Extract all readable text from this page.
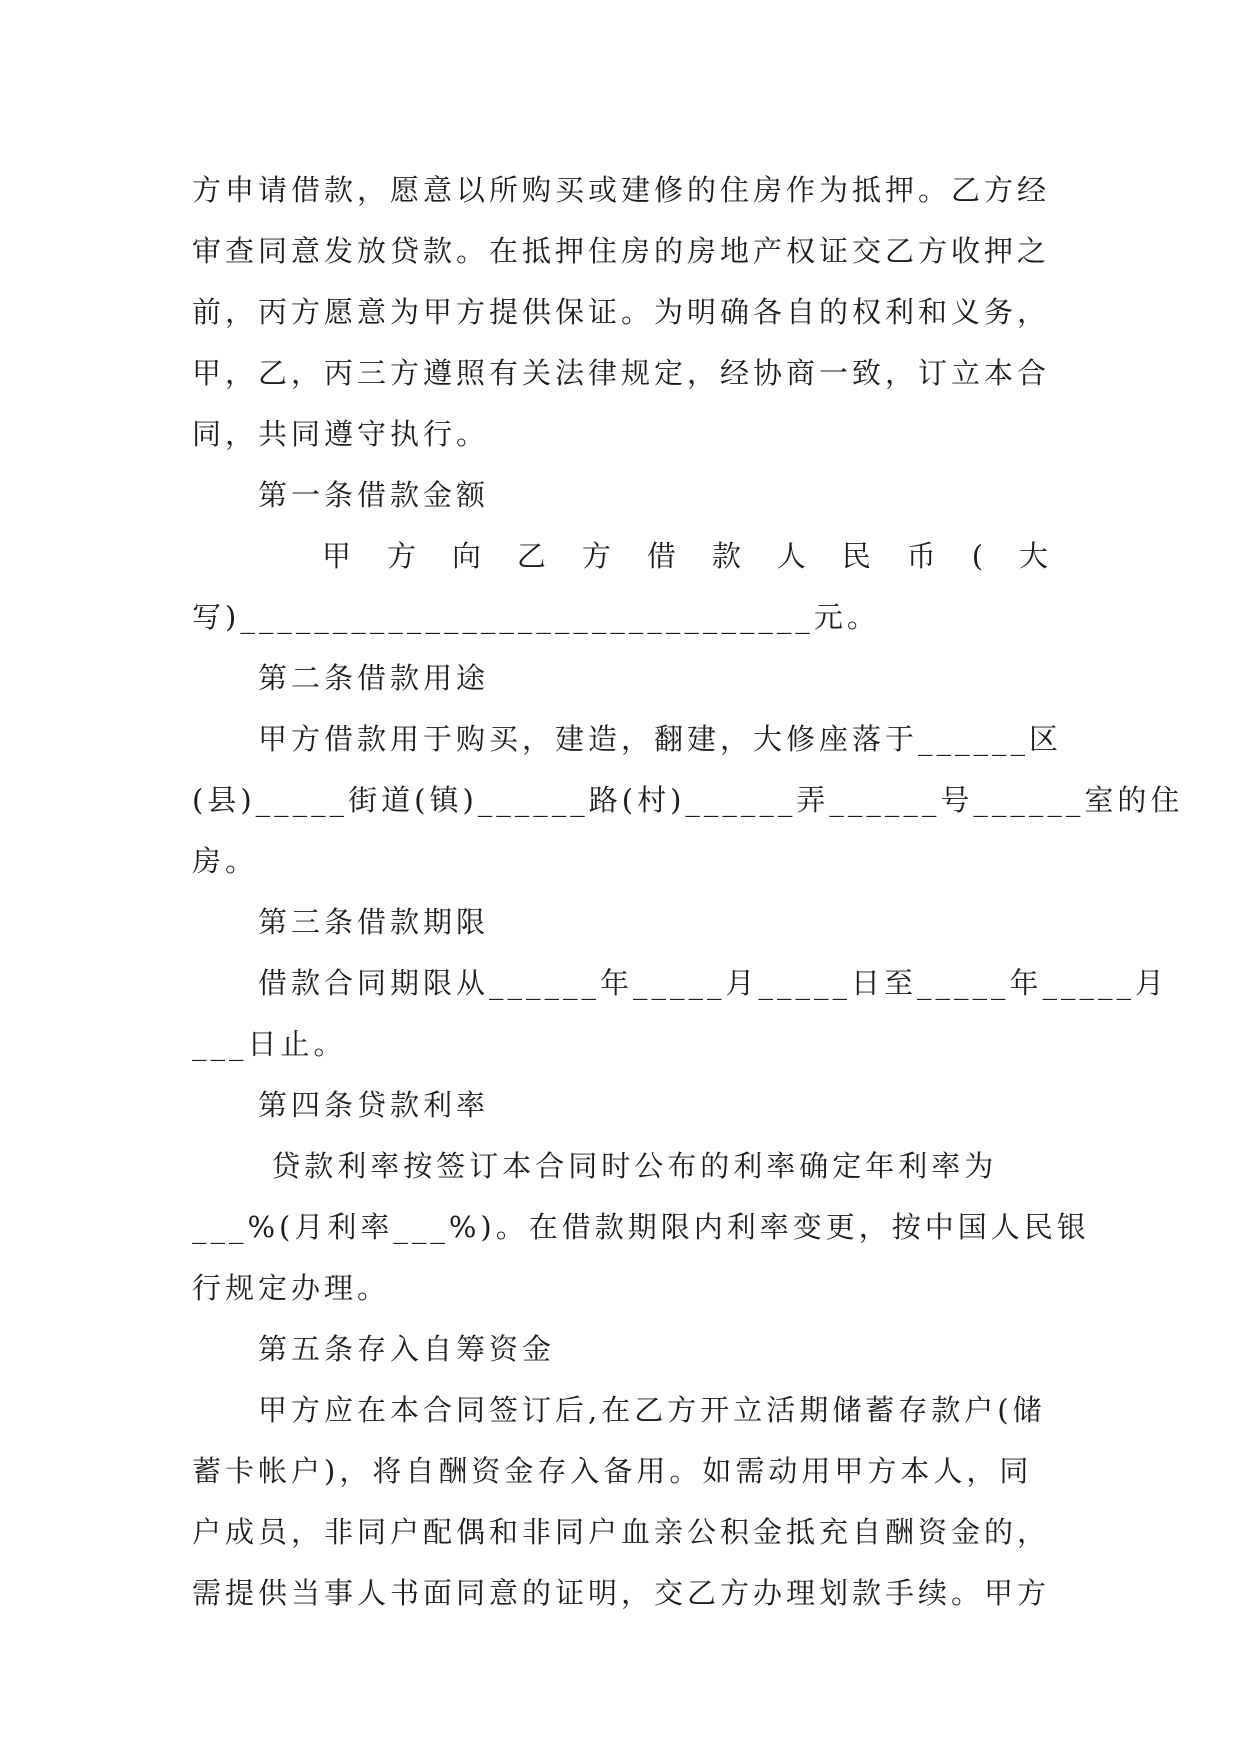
方申请借款，愿意以所购买或建修的住房作为抵押。乙方经
审查同意发放贷款。在抵押住房的房地产权证交乙方收押之
前，丙方愿意为甲方提供保证。为明确各自的权利和义务，
甲，乙，丙三方遵照有关法律规定，经协商一致，订立本合
同，共同遵守执行。
第一条借款金额
甲 方 向 乙 方 借 款 人 民 币 ( 大
写)_______________________________元。
第二条借款用途
甲方借款用于购买，建造，翻建，大修座落于______区
(县)_____街道(镇)______路(村)______弄______号______室的住
房。
第三条借款期限
借款合同期限从______年_____月_____日至_____年_____月
___日止。
第四条贷款利率
贷款利率按签订本合同时公布的利率确定年利率为
___%(月利率___%)。在借款期限内利率变更，按中国人民银
行规定办理。
第五条存入自筹资金
甲方应在本合同签订后,在乙方开立活期储蓄存款户(储
蓄卡帐户)，将自酬资金存入备用。如需动用甲方本人，同
户成员，非同户配偶和非同户血亲公积金抵充自酬资金的，
需提供当事人书面同意的证明，交乙方办理划款手续。甲方
